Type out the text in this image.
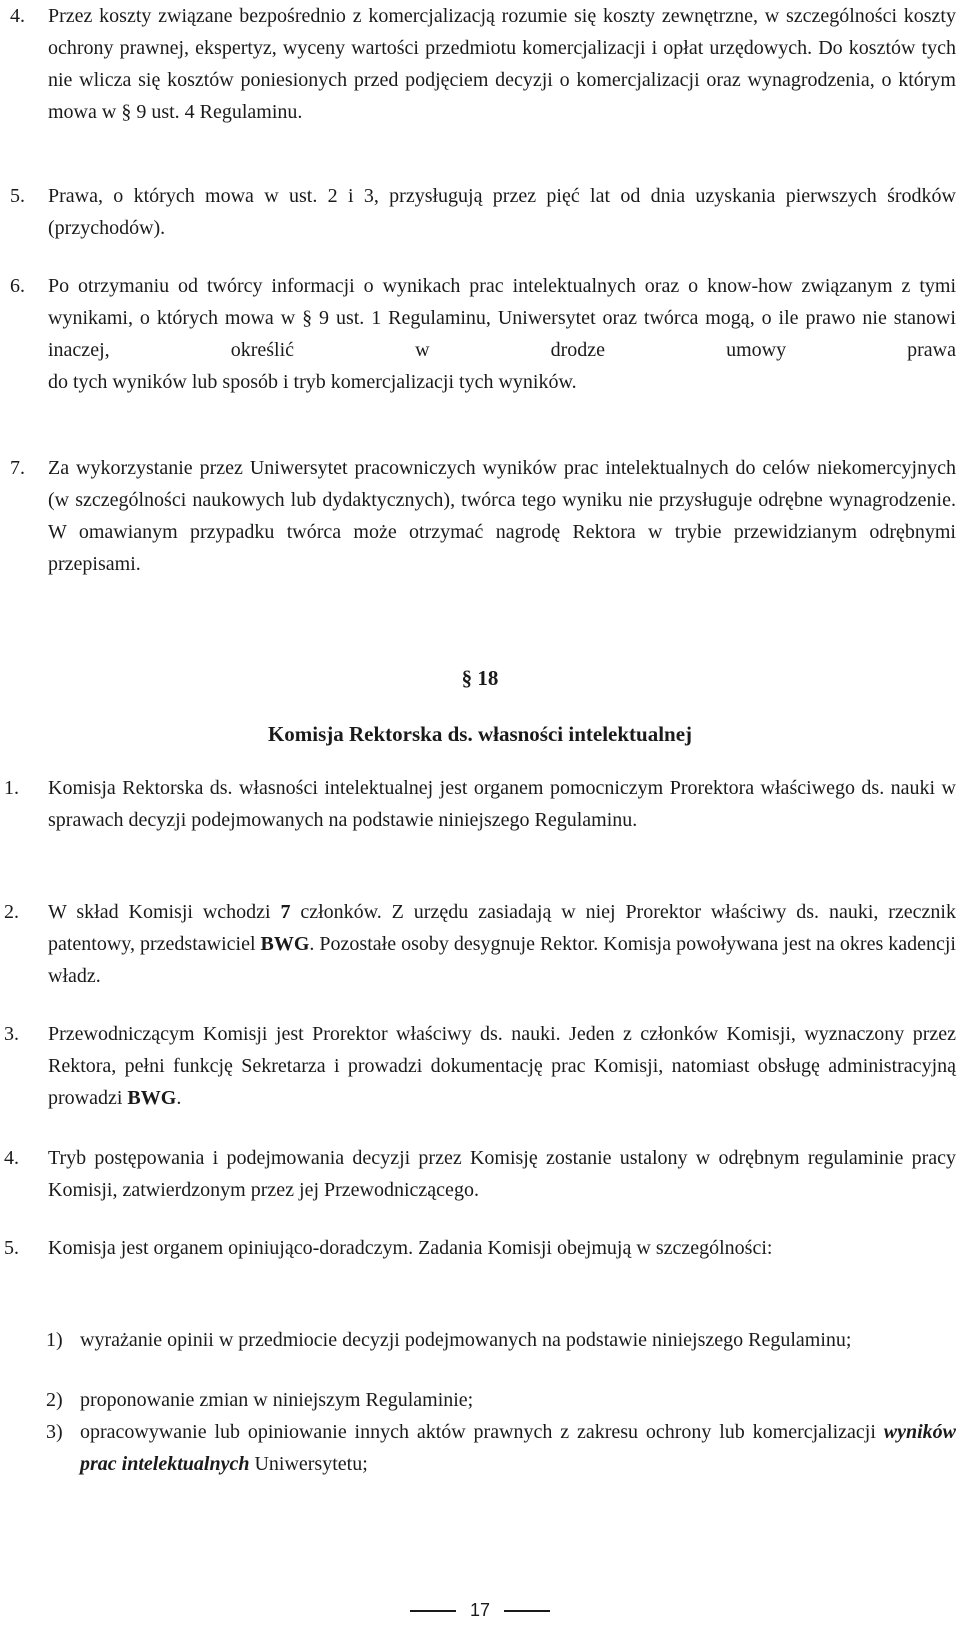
4.	Przez koszty związane bezpośrednio z komercjalizacją rozumie się koszty zewnętrzne, w szczególności koszty ochrony prawnej, ekspertyz, wyceny wartości przedmiotu komercjalizacji i opłat urzędowych. Do kosztów tych nie wlicza się kosztów poniesionych przed podjęciem decyzji o komercjalizacji oraz wynagrodzenia, o którym mowa w § 9 ust. 4 Regulaminu.
5.	Prawa, o których mowa w ust. 2 i 3, przysługują przez pięć lat od dnia uzyskania pierwszych środków (przychodów).
6.	Po otrzymaniu od twórcy informacji o wynikach prac intelektualnych oraz o know-how związanym z tymi wynikami, o których mowa w § 9 ust. 1 Regulaminu, Uniwersytet oraz twórca mogą, o ile prawo nie stanowi inaczej, określić w drodze umowy prawa
do tych wyników lub sposób i tryb komercjalizacji tych wyników.
7.	Za wykorzystanie przez Uniwersytet pracowniczych wyników prac intelektualnych do celów niekomercyjnych (w szczególności naukowych lub dydaktycznych), twórca tego wyniku nie przysługuje odrębne wynagrodzenie. W omawianym przypadku twórca może otrzymać nagrodę Rektora w trybie przewidzianym odrębnymi przepisami.
§ 18
Komisja Rektorska ds. własności intelektualnej
1.	Komisja Rektorska ds. własności intelektualnej jest organem pomocniczym Prorektora właściwego ds. nauki w sprawach decyzji podejmowanych na podstawie niniejszego Regulaminu.
2.	W skład Komisji wchodzi 7 członków. Z urzędu zasiadają w niej Prorektor właściwy ds. nauki, rzecznik patentowy, przedstawiciel BWG. Pozostałe osoby desygnuje Rektor. Komisja powoływana jest na okres kadencji władz.
3.	Przewodniczącym Komisji jest Prorektor właściwy ds. nauki. Jeden z członków Komisji, wyznaczony przez Rektora, pełni funkcję Sekretarza i prowadzi dokumentację prac Komisji, natomiast obsługę administracyjną prowadzi BWG.
4.	Tryb postępowania i podejmowania decyzji przez Komisję zostanie ustalony w odrębnym regulaminie pracy Komisji, zatwierdzonym przez jej Przewodniczącego.
5.	Komisja jest organem opiniująco-doradczym. Zadania Komisji obejmują w szczególności:
1) wyrażanie opinii w przedmiocie decyzji podejmowanych na podstawie niniejszego Regulaminu;
2) proponowanie zmian w niniejszym Regulaminie;
3) opracowywanie lub opiniowanie innych aktów prawnych z zakresu ochrony lub komercjalizacji wyników prac intelektualnych Uniwersytetu;
17
